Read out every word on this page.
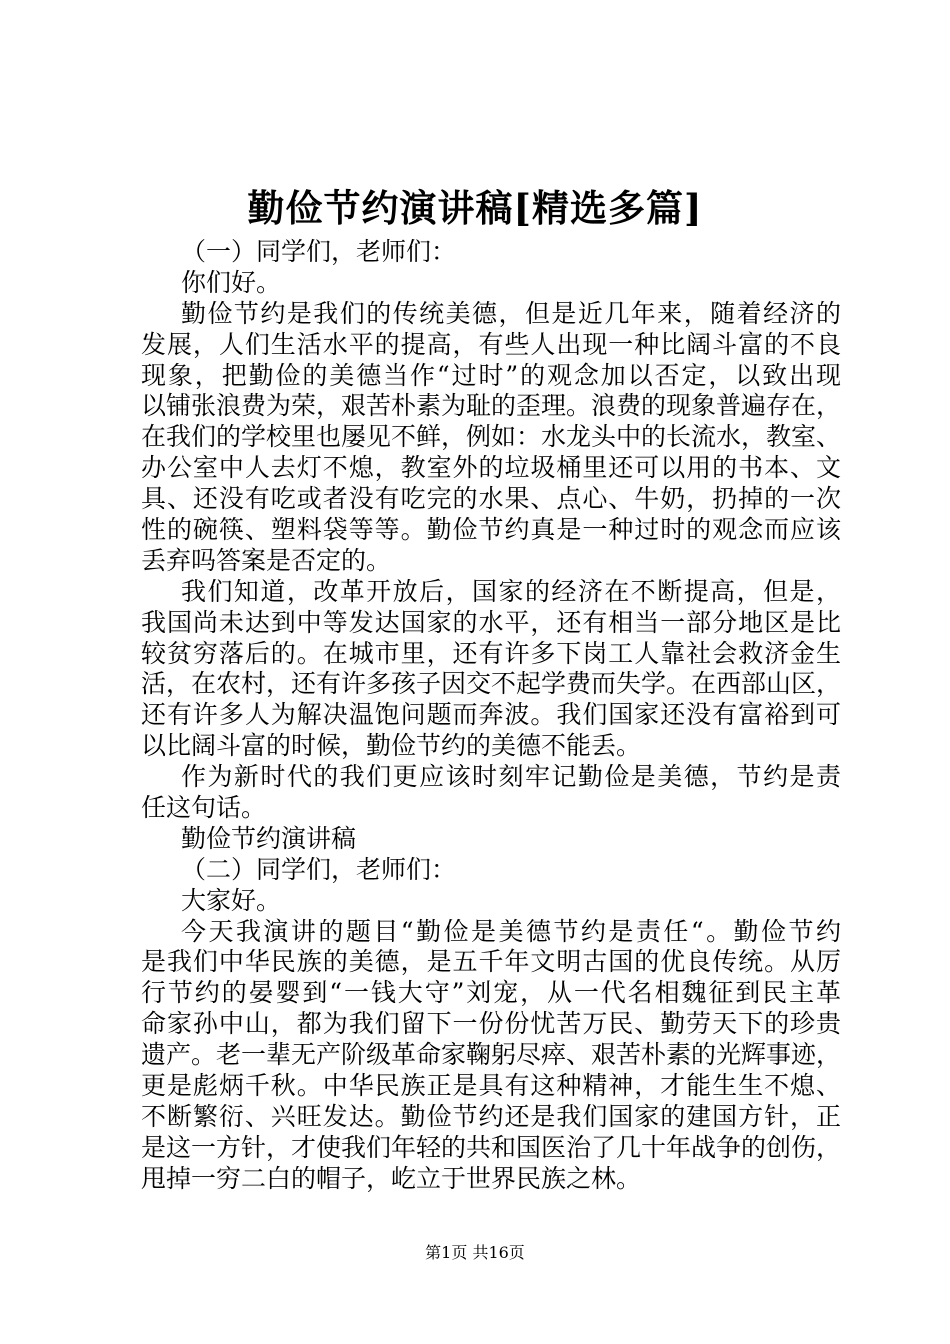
勤俭节约演讲稿[精选多篇]
（一）同学们，老师们：
你们好。
勤俭节约是我们的传统美德，但是近几年来，随着经济的
发展，人们生活水平的提高，有些人出现一种比阔斗富的不良
现象，把勤俭的美德当作“过时”的观念加以否定，以致出现
以铺张浪费为荣，艰苦朴素为耻的歪理。浪费的现象普遍存在，
在我们的学校里也屡见不鲜，例如：水龙头中的长流水，教室、
办公室中人去灯不熄，教室外的垃圾桶里还可以用的书本、文
具、还没有吃或者没有吃完的水果、点心、牛奶，扔掉的一次
性的碗筷、塑料袋等等。勤俭节约真是一种过时的观念而应该
丢弃吗答案是否定的。
我们知道，改革开放后，国家的经济在不断提高，但是，
我国尚未达到中等发达国家的水平，还有相当一部分地区是比
较贫穷落后的。在城市里，还有许多下岗工人靠社会救济金生
活，在农村，还有许多孩子因交不起学费而失学。在西部山区，
还有许多人为解决温饱问题而奔波。我们国家还没有富裕到可
以比阔斗富的时候，勤俭节约的美德不能丢。
作为新时代的我们更应该时刻牢记勤俭是美德，节约是责
任这句话。
勤俭节约演讲稿
（二）同学们，老师们：
大家好。
今天我演讲的题目“勤俭是美德节约是责任“。勤俭节约
是我们中华民族的美德，是五千年文明古国的优良传统。从厉
行节约的晏婴到“一钱大守”刘宠，从一代名相魏征到民主革
命家孙中山，都为我们留下一份份忧苦万民、勤劳天下的珍贵
遗产。老一辈无产阶级革命家鞠躬尽瘁、艰苦朴素的光辉事迹，
更是彪炳千秋。中华民族正是具有这种精神，才能生生不熄、
不断繁衍、兴旺发达。勤俭节约还是我们国家的建国方针，正
是这一方针，才使我们年轻的共和国医治了几十年战争的创伤，
甩掉一穷二白的帽子，屹立于世界民族之林。
第1页 共16页
